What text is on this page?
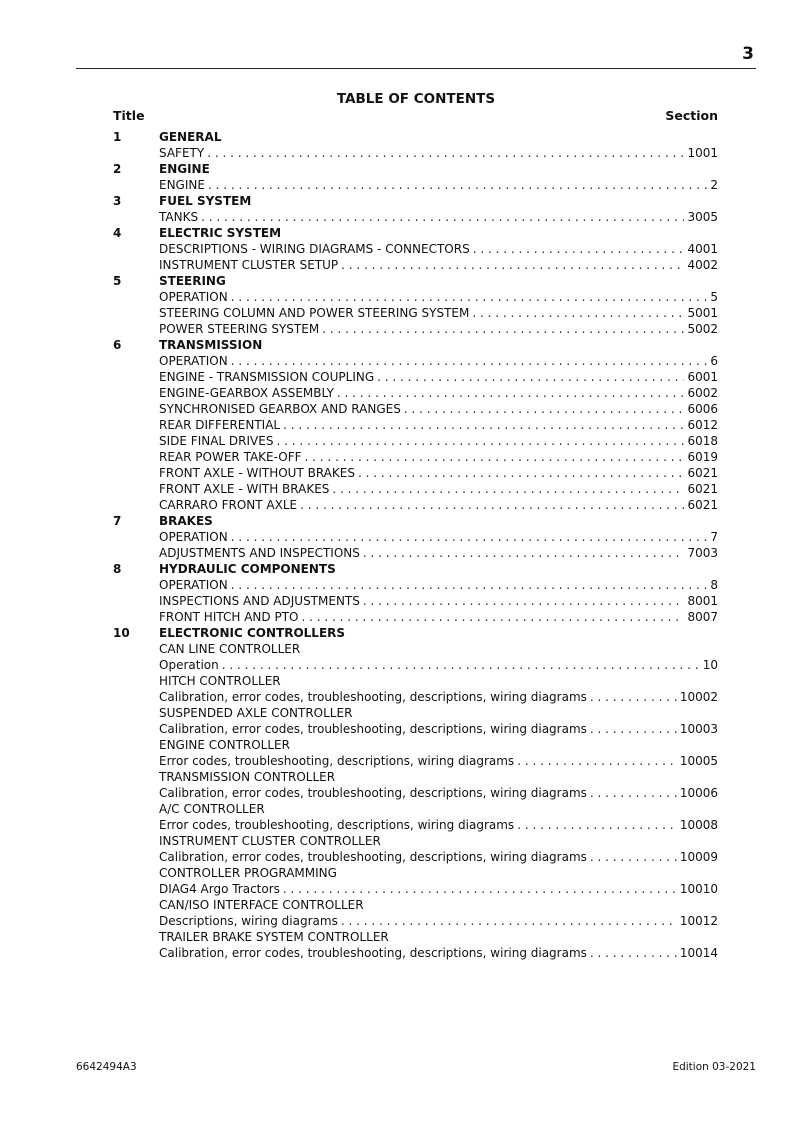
3
TABLE OF CONTENTS
Title	Section
1	GENERAL
SAFETY . . .	1001
2	ENGINE
ENGINE . . .	2
3	FUEL SYSTEM
TANKS . . .	3005
4	ELECTRIC SYSTEM
DESCRIPTIONS - WIRING DIAGRAMS - CONNECTORS . . .	4001
INSTRUMENT CLUSTER SETUP . . .	4002
5	STEERING
OPERATION . . .	5
STEERING COLUMN AND POWER STEERING SYSTEM . . .	5001
POWER STEERING SYSTEM . . .	5002
6	TRANSMISSION
OPERATION . . .	6
ENGINE - TRANSMISSION COUPLING . . .	6001
ENGINE-GEARBOX ASSEMBLY . . .	6002
SYNCHRONISED GEARBOX AND RANGES . . .	6006
REAR DIFFERENTIAL . . .	6012
SIDE FINAL DRIVES . . .	6018
REAR POWER TAKE-OFF . . .	6019
FRONT AXLE - WITHOUT BRAKES . . .	6021
FRONT AXLE - WITH BRAKES . . .	6021
CARRARO FRONT AXLE . . .	6021
7	BRAKES
OPERATION . . .	7
ADJUSTMENTS AND INSPECTIONS . . .	7003
8	HYDRAULIC COMPONENTS
OPERATION . . .	8
INSPECTIONS AND ADJUSTMENTS . . .	8001
FRONT HITCH AND PTO . . .	8007
10	ELECTRONIC CONTROLLERS
CAN LINE CONTROLLER
Operation . . .	10
HITCH CONTROLLER
Calibration, error codes, troubleshooting, descriptions, wiring diagrams . . .	10002
SUSPENDED AXLE CONTROLLER
Calibration, error codes, troubleshooting, descriptions, wiring diagrams . . .	10003
ENGINE CONTROLLER
Error codes, troubleshooting, descriptions, wiring diagrams . . .	10005
TRANSMISSION CONTROLLER
Calibration, error codes, troubleshooting, descriptions, wiring diagrams . . .	10006
A/C CONTROLLER
Error codes, troubleshooting, descriptions, wiring diagrams . . .	10008
INSTRUMENT CLUSTER CONTROLLER
Calibration, error codes, troubleshooting, descriptions, wiring diagrams . . .	10009
CONTROLLER PROGRAMMING
DIAG4 Argo Tractors . . .	10010
CAN/ISO INTERFACE CONTROLLER
Descriptions, wiring diagrams . . .	10012
TRAILER BRAKE SYSTEM CONTROLLER
Calibration, error codes, troubleshooting, descriptions, wiring diagrams . . .	10014
6642494A3	Edition 03-2021
